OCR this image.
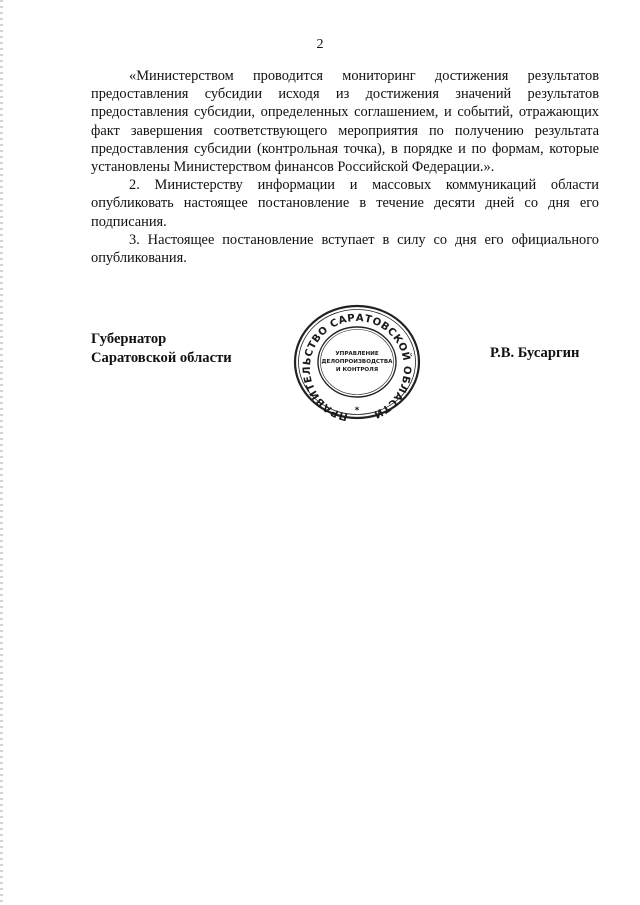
2

«Министерством проводится мониторинг достижения результатов предоставления субсидии исходя из достижения значений результатов предоставления субсидии, определенных соглашением, и событий, отражающих факт завершения соответствующего мероприятия по получению результата предоставления субсидии (контрольная точка), в порядке и по формам, которые установлены Министерством финансов Российской Федерации.».

2. Министерству информации и массовых коммуникаций области опубликовать настоящее постановление в течение десяти дней со дня его подписания.

3. Настоящее постановление вступает в силу со дня его официального опубликования.

Губернатор
Саратовской области	Р.В. Бусаргин
ПРАВИТЕЛЬСТВО САРАТОВСКОЙ ОБЛАСТИ
УПРАВЛЕНИЕ
ДЕЛОПРОИЗВОДСТВА
И КОНТРОЛЯ
*
